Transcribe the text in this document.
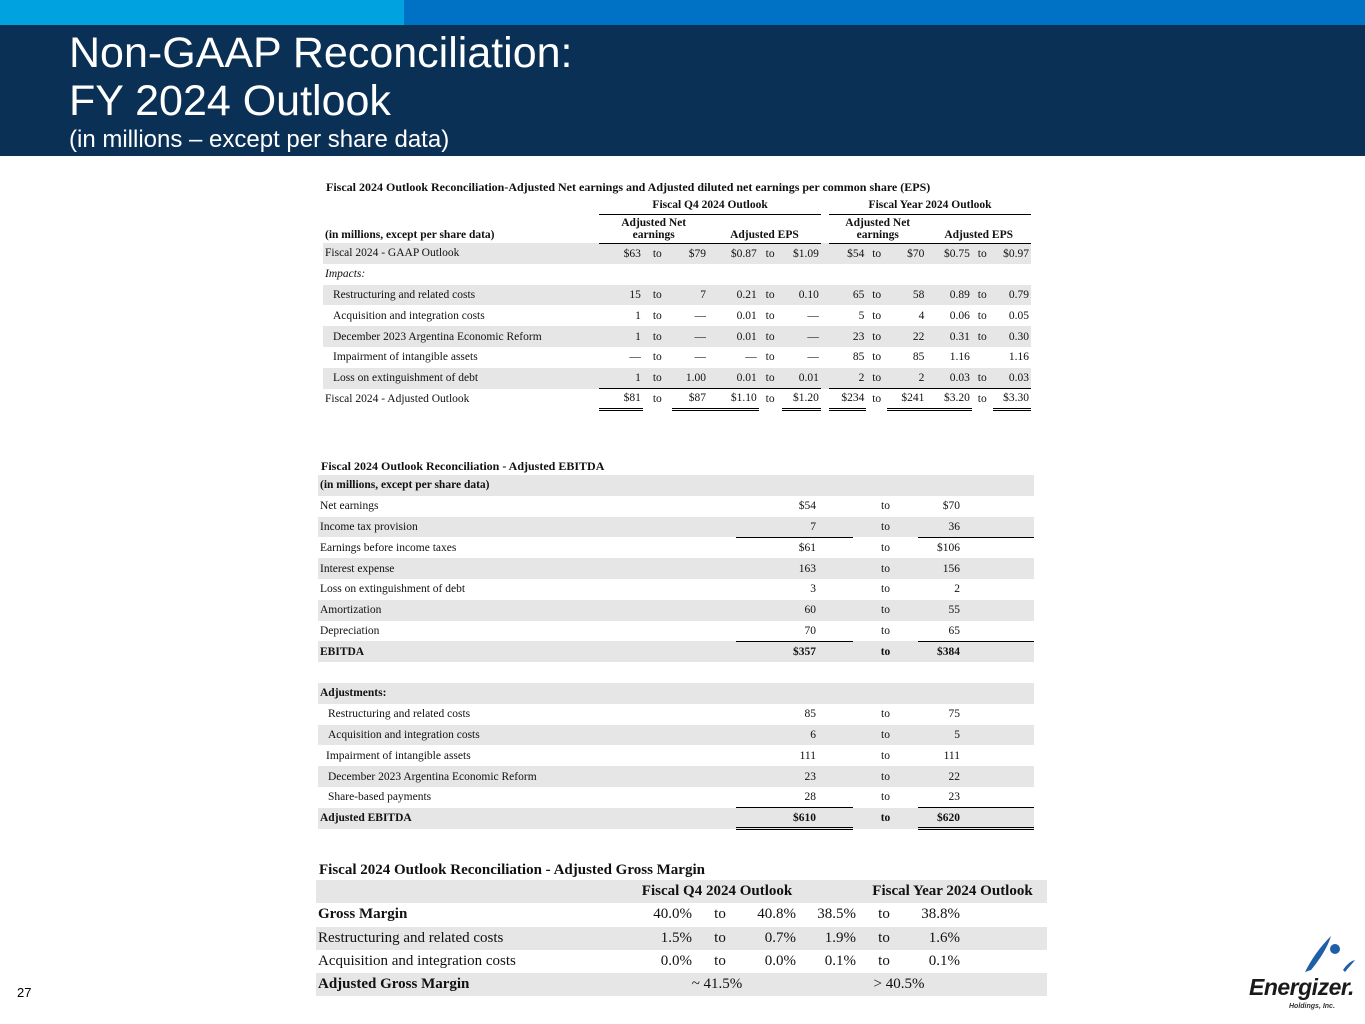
Non-GAAP Reconciliation:
FY 2024 Outlook
(in millions – except per share data)
Fiscal 2024 Outlook Reconciliation-Adjusted Net earnings and Adjusted diluted net earnings per common share (EPS)
	Fiscal Q4 2024 Outlook							Fiscal Year 2024 Outlook					
(in millions, except per share data)	Adjusted Net earnings			Adjusted EPS				Adjusted Net earnings			Adjusted EPS		
Fiscal 2024 - GAAP Outlook	$63	to	$79	$0.87	to	$1.09		$54	to	$70	$0.75	to	$0.97
Impacts:													
Restructuring and related costs	15	to	7	0.21	to	0.10		65	to	58	0.89	to	0.79
Acquisition and integration costs	1	to	—	0.01	to	—		5	to	4	0.06	to	0.05
December 2023 Argentina Economic Reform	1	to	—	0.01	to	—		23	to	22	0.31	to	0.30
Impairment of intangible assets	—	to	—	—	to	—		85	to	85	1.16		1.16
Loss on extinguishment of debt	1	to	1.00	0.01	to	0.01		2	to	2	0.03	to	0.03
Fiscal 2024 - Adjusted Outlook	$81	to	$87	$1.10	to	$1.20		$234	to	$241	$3.20	to	$3.30
Fiscal 2024 Outlook Reconciliation - Adjusted EBITDA
(in millions, except per share data)					
Net earnings	$54		to	$70	
Income tax provision	7		to	36	
Earnings before income taxes	$61		to	$106	
Interest expense	163		to	156	
Loss on extinguishment of debt	3		to	2	
Amortization	60		to	55	
Depreciation	70		to	65	
EBITDA	$357		to	$384	

Adjustments:					
Restructuring and related costs	85		to	75	
Acquisition and integration costs	6		to	5	
Impairment of intangible assets	111		to	111	
December 2023 Argentina Economic Reform	23		to	22	
Share-based payments	28		to	23	
Adjusted EBITDA	$610		to	$620	
Fiscal 2024 Outlook Reconciliation - Adjusted Gross Margin
	Fiscal Q4 2024 Outlook				Fiscal Year 2024 Outlook		
Gross Margin	40.0%	to	40.8%	38.5%	to	38.8%	
Restructuring and related costs	1.5%	to	0.7%	1.9%	to	1.6%	
Acquisition and integration costs	0.0%	to	0.0%	0.1%	to	0.1%	
Adjusted Gross Margin	~ 41.5%			> 40.5%			
27	Energizer.
Holdings, Inc.
